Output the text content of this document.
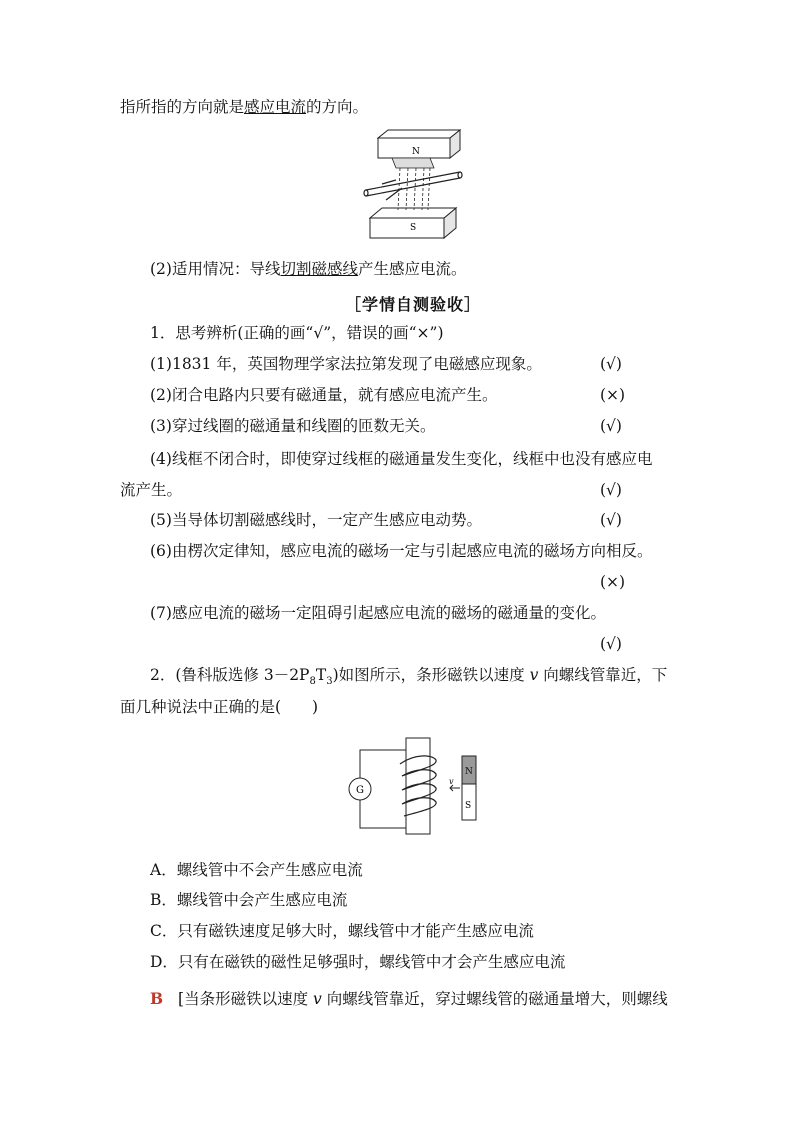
指所指的方向就是感应电流的方向。
N
S
(2)适用情况：导线切割磁感线产生感应电流。
［学情自测验收］
1．思考辨析(正确的画“√”，错误的画“×”)
(1)1831 年，英国物理学家法拉第发现了电磁感应现象。	(√)
(2)闭合电路内只要有磁通量，就有感应电流产生。	(×)
(3)穿过线圈的磁通量和线圈的匝数无关。	(√)
(4)线框不闭合时，即使穿过线框的磁通量发生变化，线框中也没有感应电
流产生。	(√)
(5)当导体切割磁感线时，一定产生感应电动势。	(√)
(6)由楞次定律知，感应电流的磁场一定与引起感应电流的磁场方向相反。
(×)
(7)感应电流的磁场一定阻碍引起感应电流的磁场的磁通量的变化。
(√)
2．(鲁科版选修 $3-2P_8T_3$)如图所示，条形磁铁以速度 v 向螺线管靠近，下
面几种说法中正确的是(　　)
G
N
S
v
A．螺线管中不会产生感应电流
B．螺线管中会产生感应电流
C．只有磁铁速度足够大时，螺线管中才能产生感应电流
D．只有在磁铁的磁性足够强时，螺线管中才会产生感应电流
B [当条形磁铁以速度 v 向螺线管靠近，穿过螺线管的磁通量增大，则螺线
